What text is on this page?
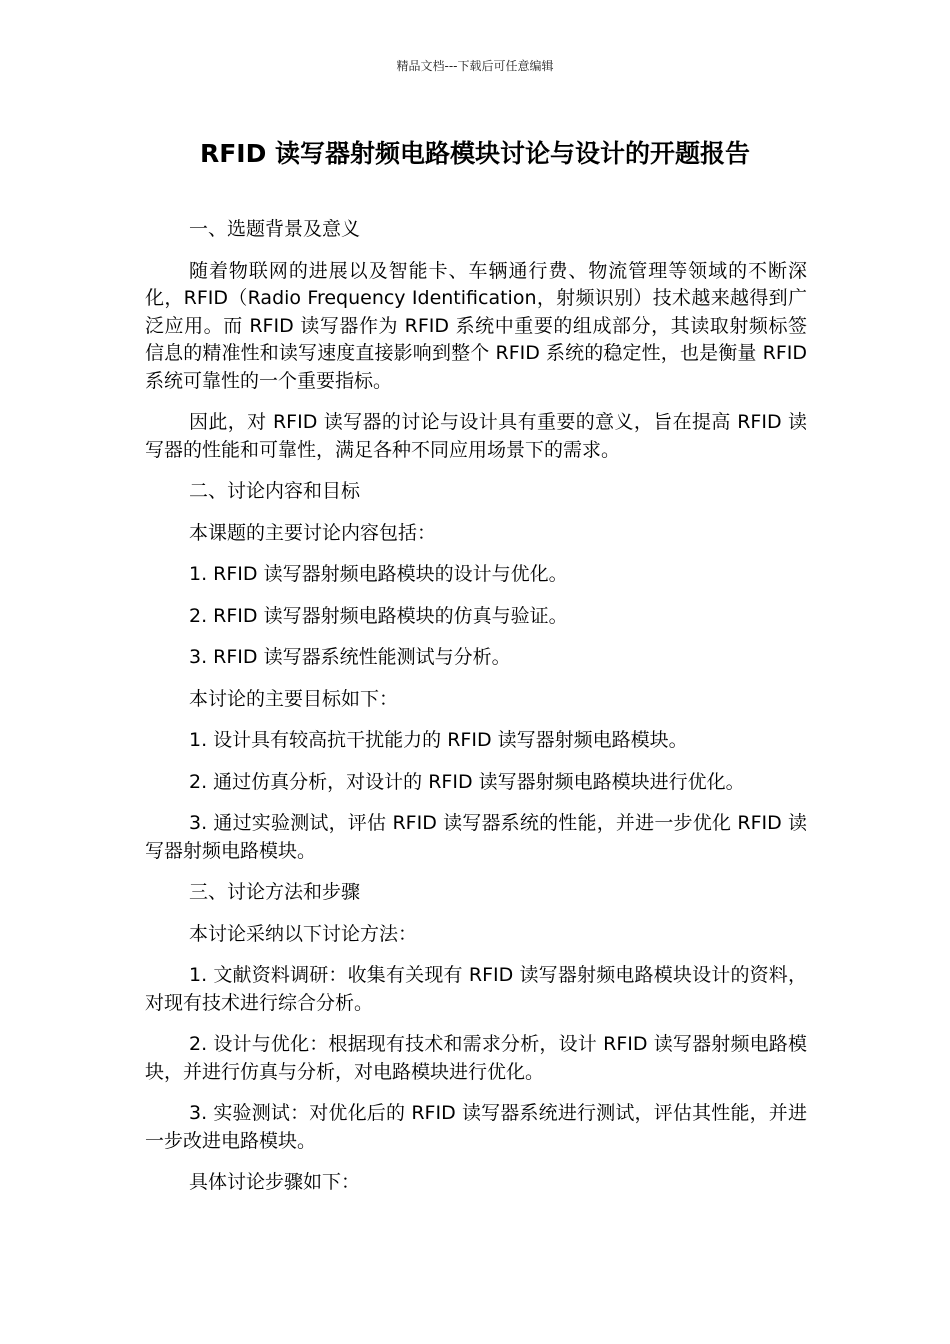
精品文档---下载后可任意编辑
RFID 读写器射频电路模块讨论与设计的开题报告

一、选题背景及意义

随着物联网的进展以及智能卡、车辆通行费、物流管理等领域的不断深化，RFID（Radio Frequency Identification，射频识别）技术越来越得到广泛应用。而 RFID 读写器作为 RFID 系统中重要的组成部分，其读取射频标签信息的精准性和读写速度直接影响到整个 RFID 系统的稳定性，也是衡量 RFID 系统可靠性的一个重要指标。

因此，对 RFID 读写器的讨论与设计具有重要的意义，旨在提高 RFID 读写器的性能和可靠性，满足各种不同应用场景下的需求。

二、讨论内容和目标

本课题的主要讨论内容包括：

1. RFID 读写器射频电路模块的设计与优化。

2. RFID 读写器射频电路模块的仿真与验证。

3. RFID 读写器系统性能测试与分析。

本讨论的主要目标如下：

1. 设计具有较高抗干扰能力的 RFID 读写器射频电路模块。

2. 通过仿真分析，对设计的 RFID 读写器射频电路模块进行优化。

3. 通过实验测试，评估 RFID 读写器系统的性能，并进一步优化 RFID 读写器射频电路模块。

三、讨论方法和步骤

本讨论采纳以下讨论方法：

1. 文献资料调研：收集有关现有 RFID 读写器射频电路模块设计的资料，对现有技术进行综合分析。

2. 设计与优化：根据现有技术和需求分析，设计 RFID 读写器射频电路模块，并进行仿真与分析，对电路模块进行优化。

3. 实验测试：对优化后的 RFID 读写器系统进行测试，评估其性能，并进一步改进电路模块。

具体讨论步骤如下：
